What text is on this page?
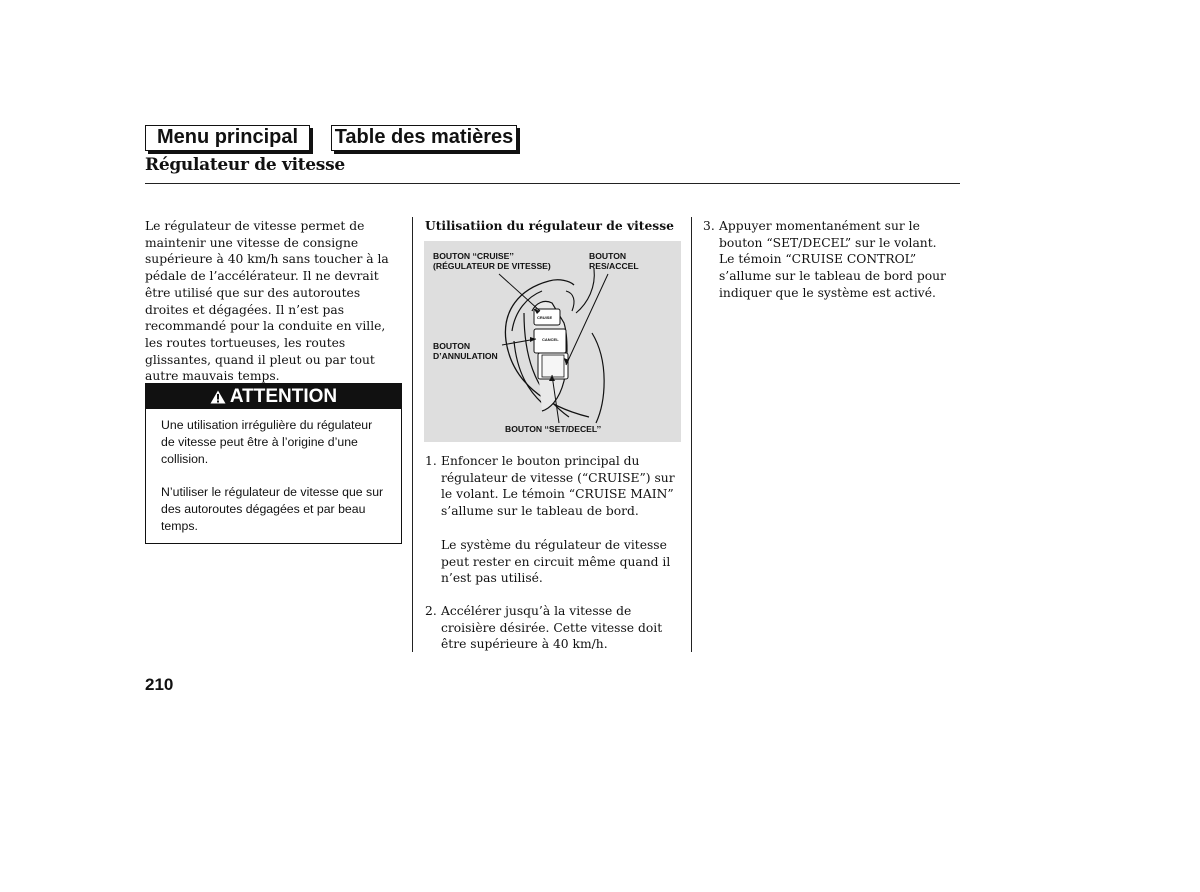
Menu principal	Table des matières
Régulateur de vitesse
Le régulateur de vitesse permet de maintenir une vitesse de consigne supérieure à 40 km/h sans toucher à la pédale de l’accélérateur. Il ne devrait être utilisé que sur des autoroutes droites et dégagées. Il n’est pas recommandé pour la conduite en ville, les routes tortueuses, les routes glissantes, quand il pleut ou par tout autre mauvais temps.
ATTENTION

Une utilisation irrégulière du régulateur de vitesse peut être à l’origine d’une collision.

N’utiliser le régulateur de vitesse que sur des autoroutes dégagées et par beau temps.

Utilisatiion du régulateur de vitesse
BOUTON ‘‘CRUISE’’
(RÉGULATEUR DE VITESSE)
BOUTON
RES/ACCEL
BOUTON
D’ANNULATION
BOUTON ‘‘SET/DECEL’’
CRUISE
CANCEL
1. Enfoncer le bouton principal du régulateur de vitesse (“CRUISE”) sur le volant. Le témoin “CRUISE MAIN” s’allume sur le tableau de bord.

Le système du régulateur de vitesse peut rester en circuit même quand il n’est pas utilisé.

2. Accélérer jusqu’à la vitesse de croisière désirée. Cette vitesse doit être supérieure à 40 km/h.

3. Appuyer momentanément sur le bouton “SET/DECEL” sur le volant. Le témoin “CRUISE CONTROL” s’allume sur le tableau de bord pour indiquer que le système est activé.

210
